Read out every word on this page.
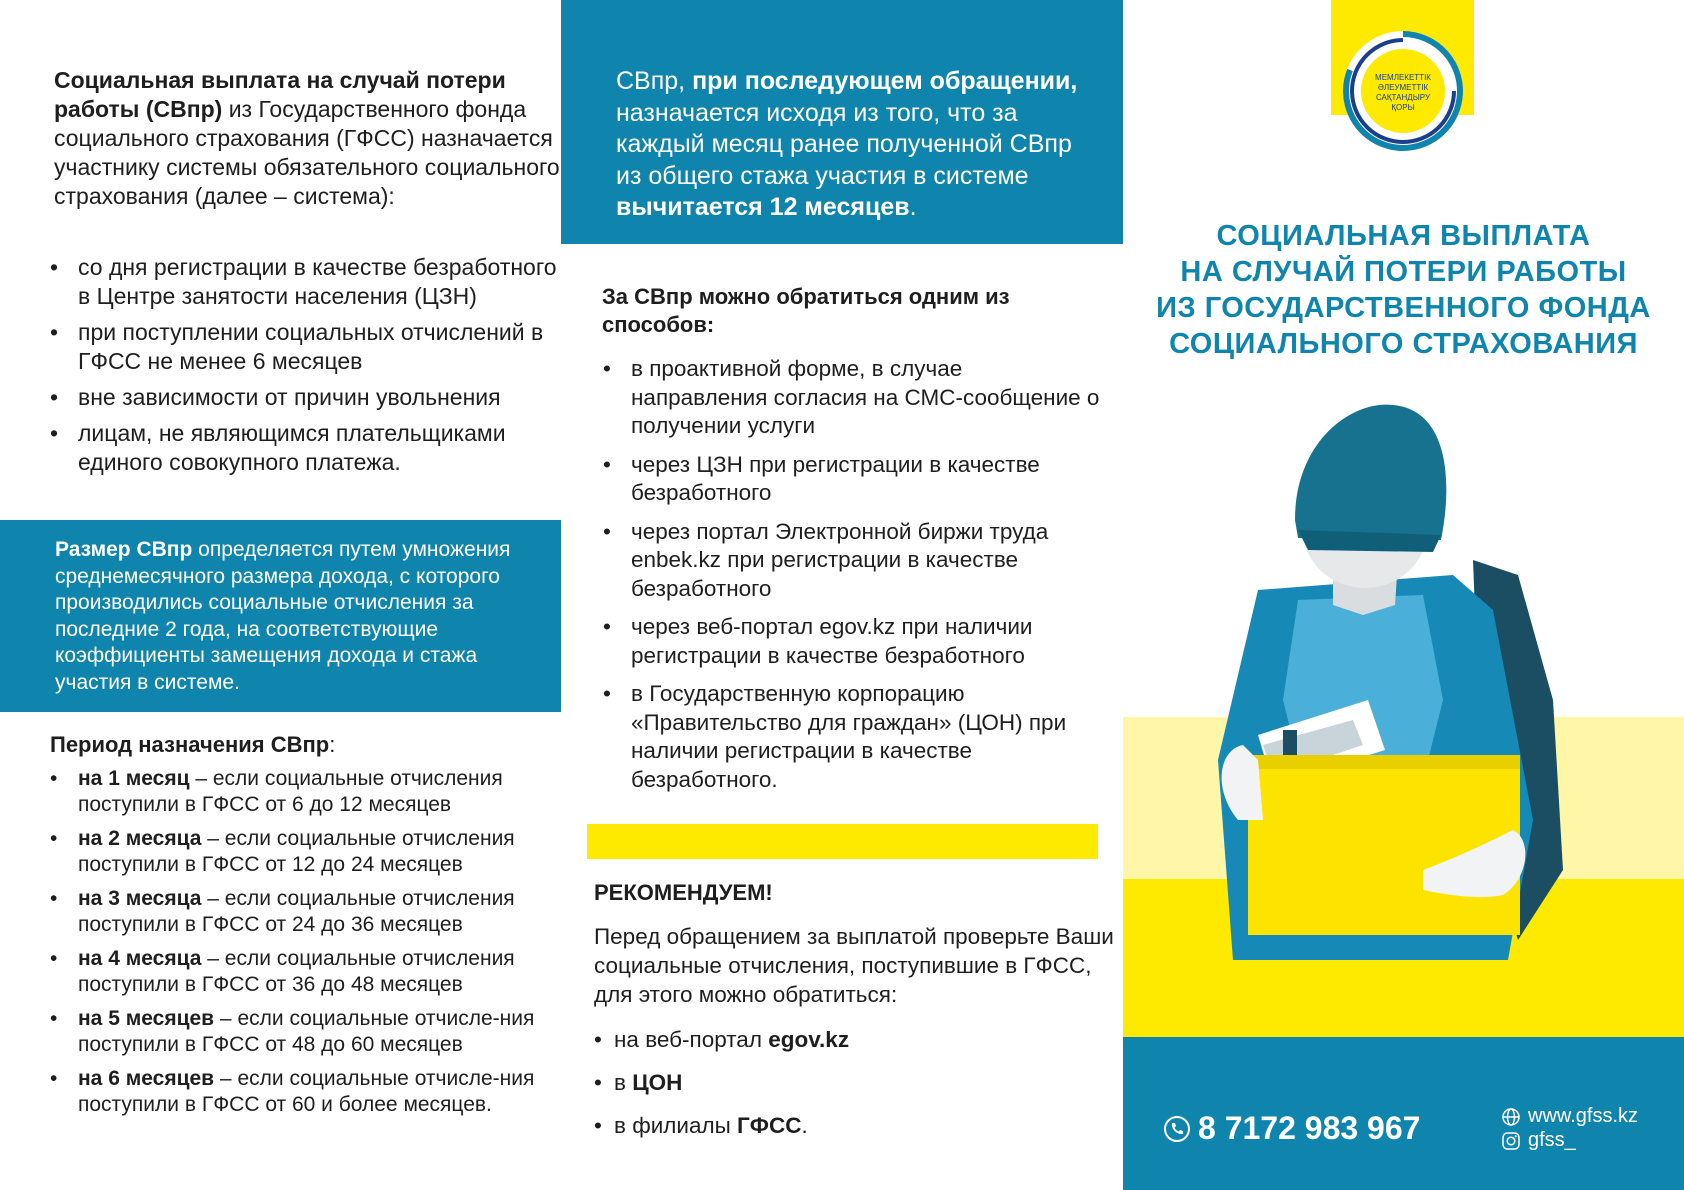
Социальная выплата на случай потери работы (СВпр) из Государственного фонда социального страхования (ГФСС) назначается участнику системы обязательного социального страхования (далее – система):
• со дня регистрации в качестве безработного в Центре занятости населения (ЦЗН)
• при поступлении социальных отчислений в ГФСС не менее 6 месяцев
• вне зависимости от причин увольнения
• лицам, не являющимся плательщиками единого совокупного платежа.
Размер СВпр определяется путем умножения среднемесячного размера дохода, с которого производились социальные отчисления за последние 2 года, на соответствующие коэффициенты замещения дохода и стажа участия в системе.
Период назначения СВпр:
• на 1 месяц – если социальные отчисления поступили в ГФСС от 6 до 12 месяцев
• на 2 месяца – если социальные отчисления поступили в ГФСС от 12 до 24 месяцев
• на 3 месяца – если социальные отчисления поступили в ГФСС от 24 до 36 месяцев
• на 4 месяца – если социальные отчисления поступили в ГФСС от 36 до 48 месяцев
• на 5 месяцев – если социальные отчисле-ния поступили в ГФСС от 48 до 60 месяцев
• на 6 месяцев – если социальные отчисле-ния поступили в ГФСС от 60 и более месяцев.
СВпр, при последующем обращении, назначается исходя из того, что за каждый месяц ранее полученной СВпр из общего стажа участия в системе вычитается 12 месяцев.
За СВпр можно обратиться одним из способов:
• в проактивной форме, в случае направления согласия на СМС-сообщение о получении услуги
• через ЦЗН при регистрации в качестве безработного
• через портал Электронной биржи труда enbek.kz при регистрации в качестве безработного
• через веб-портал egov.kz при наличии регистрации в качестве безработного
• в Государственную корпорацию «Правительство для граждан» (ЦОН) при наличии регистрации в качестве безработного.
РЕКОМЕНДУЕМ!
Перед обращением за выплатой проверьте Ваши социальные отчисления, поступившие в ГФСС, для этого можно обратиться:
• на веб-портал egov.kz
• в ЦОН
• в филиалы ГФСС.
МЕМЛЕКЕТТІК
ӘЛЕУМЕТТІК
САҚТАНДЫРУ
ҚОРЫ
СОЦИАЛЬНАЯ ВЫПЛАТА
НА СЛУЧАЙ ПОТЕРИ РАБОТЫ
ИЗ ГОСУДАРСТВЕННОГО ФОНДА
СОЦИАЛЬНОГО СТРАХОВАНИЯ
8 7172 983 967	www.gfss.kz
gfss_
